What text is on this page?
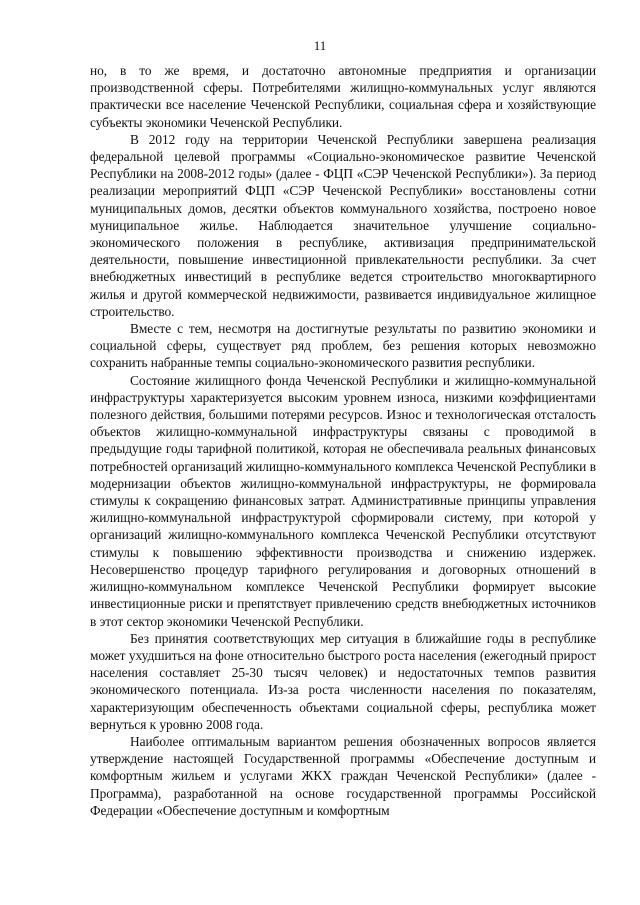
11

но, в то же время, и достаточно автономные предприятия и организации производственной сферы. Потребителями жилищно-коммунальных услуг являются практически все население Чеченской Республики, социальная сфера и хозяйствующие субъекты экономики Чеченской Республики.

В 2012 году на территории Чеченской Республики завершена реализация федеральной целевой программы «Социально-экономическое развитие Чеченской Республики на 2008-2012 годы» (далее - ФЦП «СЭР Чеченской Республики»). За период реализации мероприятий ФЦП «СЭР Чеченской Республики» восстановлены сотни муниципальных домов, десятки объектов коммунального хозяйства, построено новое муниципальное жилье. Наблюдается значительное улучшение социально-экономического положения в республике, активизация предпринимательской деятельности, повышение инвестиционной привлекательности республики. За счет внебюджетных инвестиций в республике ведется строительство многоквартирного жилья и другой коммерческой недвижимости, развивается индивидуальное жилищное строительство.

Вместе с тем, несмотря на достигнутые результаты по развитию экономики и социальной сферы, существует ряд проблем, без решения которых невозможно сохранить набранные темпы социально-экономического развития республики.

Состояние жилищного фонда Чеченской Республики и жилищно-коммунальной инфраструктуры характеризуется высоким уровнем износа, низкими коэффициентами полезного действия, большими потерями ресурсов. Износ и технологическая отсталость объектов жилищно-коммунальной инфраструктуры связаны с проводимой в предыдущие годы тарифной политикой, которая не обеспечивала реальных финансовых потребностей организаций жилищно-коммунального комплекса Чеченской Республики в модернизации объектов жилищно-коммунальной инфраструктуры, не формировала стимулы к сокращению финансовых затрат. Административные принципы управления жилищно-коммунальной инфраструктурой сформировали систему, при которой у организаций жилищно-коммунального комплекса Чеченской Республики отсутствуют стимулы к повышению эффективности производства и снижению издержек. Несовершенство процедур тарифного регулирования и договорных отношений в жилищно-коммунальном комплексе Чеченской Республики формирует высокие инвестиционные риски и препятствует привлечению средств внебюджетных источников в этот сектор экономики Чеченской Республики.

Без принятия соответствующих мер ситуация в ближайшие годы в республике может ухудшиться на фоне относительно быстрого роста населения (ежегодный прирост населения составляет 25-30 тысяч человек) и недостаточных темпов развития экономического потенциала. Из-за роста численности населения по показателям, характеризующим обеспеченность объектами социальной сферы, республика может вернуться к уровню 2008 года.

Наиболее оптимальным вариантом решения обозначенных вопросов является утверждение настоящей Государственной программы «Обеспечение доступным и комфортным жильем и услугами ЖКХ граждан Чеченской Республики» (далее - Программа), разработанной на основе государственной программы Российской Федерации «Обеспечение доступным и комфортным
